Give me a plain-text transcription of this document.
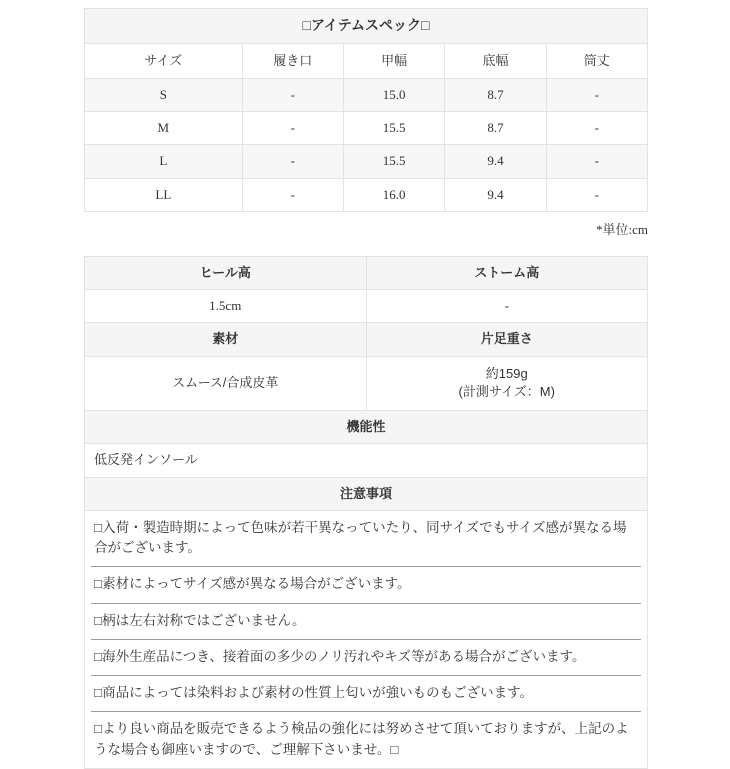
□アイテムスペック□				
サイズ	履き口	甲幅	底幅	筒丈
S	-	15.0	8.7	-
M	-	15.5	8.7	-
L	-	15.5	9.4	-
LL	-	16.0	9.4	-
*単位:cm
ヒール高	ストーム高
1.5cm	-
素材	片足重さ
スムース/合成皮革	約159g
(計測サイズ：M)

機能性	
低反発インソール	
注意事項	

□入荷・製造時期によって色味が若干異なっていたり、同サイズでもサイズ感が異なる場合がございます。

□素材によってサイズ感が異なる場合がございます。

□柄は左右対称ではございません。

□海外生産品につき、接着面の多少のノリ汚れやキズ等がある場合がございます。

□商品によっては染料および素材の性質上匂いが強いものもございます。

□より良い商品を販売できるよう検品の強化には努めさせて頂いておりますが、上記のような場合も御座いますので、ご理解下さいませ。□
